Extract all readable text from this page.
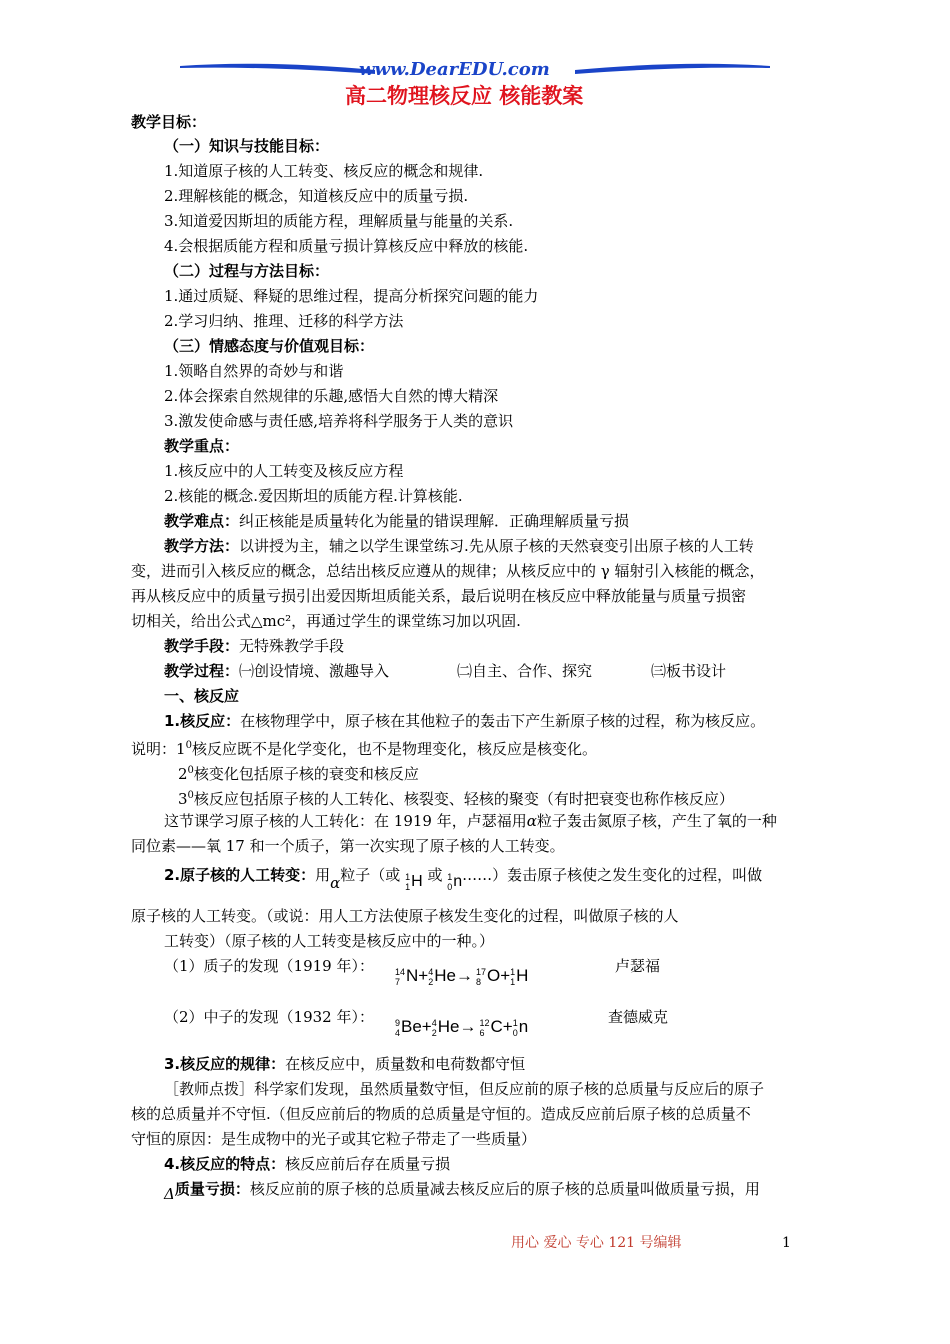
www.DearEDU.com
高二物理核反应 核能教案
教学目标：
（一）知识与技能目标：
1.知道原子核的人工转变、核反应的概念和规律.
2.理解核能的概念，知道核反应中的质量亏损.
3.知道爱因斯坦的质能方程，理解质量与能量的关系.
4.会根据质能方程和质量亏损计算核反应中释放的核能.
（二）过程与方法目标：
1.通过质疑、释疑的思维过程，提高分析探究问题的能力
2.学习归纳、推理、迁移的科学方法
（三）情感态度与价值观目标：
1.领略自然界的奇妙与和谐
2.体会探索自然规律的乐趣,感悟大自然的博大精深
3.激发使命感与责任感,培养将科学服务于人类的意识
教学重点：
1.核反应中的人工转变及核反应方程
2.核能的概念.爱因斯坦的质能方程.计算核能.
教学难点：纠正核能是质量转化为能量的错误理解．正确理解质量亏损
教学方法：以讲授为主，辅之以学生课堂练习.先从原子核的天然衰变引出原子核的人工转
变，进而引入核反应的概念，总结出核反应遵从的规律；从核反应中的 γ 辐射引入核能的概念，
再从核反应中的质量亏损引出爱因斯坦质能关系，最后说明在核反应中释放能量与质量亏损密
切相关，给出公式△mc²，再通过学生的课堂练习加以巩固.
教学手段：无特殊教学手段
教学过程：㈠创设情境、激趣导入	㈡自主、合作、探究	㈢板书设计
一、核反应
1.核反应：在核物理学中，原子核在其他粒子的轰击下产生新原子核的过程，称为核反应。
说明：$1^0$核反应既不是化学变化，也不是物理变化，核反应是核变化。
$2^0$核变化包括原子核的衰变和核反应
$3^0$核反应包括原子核的人工转化、核裂变、轻核的聚变（有时把衰变也称作核反应）
这节课学习原子核的人工转化：在 1919 年，卢瑟福用α粒子轰击氮原子核，产生了氧的一种
同位素——氧 17 和一个质子，第一次实现了原子核的人工转变。
2.原子核的人工转变：用α粒子（或 1
1 H 或 1
0 n……）轰击原子核使之发生变化的过程，叫做
原子核的人工转变。（或说：用人工方法使原子核发生变化的过程，叫做原子核的人
工转变）（原子核的人工转变是核反应中的一种。）
（1）质子的发现（1919 年）： 14
7 N+ 4
2 He→ 17
8 O+ 1
1 H	卢瑟福
（2）中子的发现（1932 年）： 9
4 Be+ 4
2 He→ 12
6 C+ 1
0 n	查德威克
3.核反应的规律：在核反应中，质量数和电荷数都守恒
［教师点拨］科学家们发现，虽然质量数守恒，但反应前的原子核的总质量与反应后的原子
核的总质量并不守恒.（但反应前后的物质的总质量是守恒的。造成反应前后原子核的总质量不
守恒的原因：是生成物中的光子或其它粒子带走了一些质量）
4.核反应的特点：核反应前后存在质量亏损
Δ质量亏损：核反应前的原子核的总质量减去核反应后的原子核的总质量叫做质量亏损，用
用心 爱心 专心 121 号编辑	1
